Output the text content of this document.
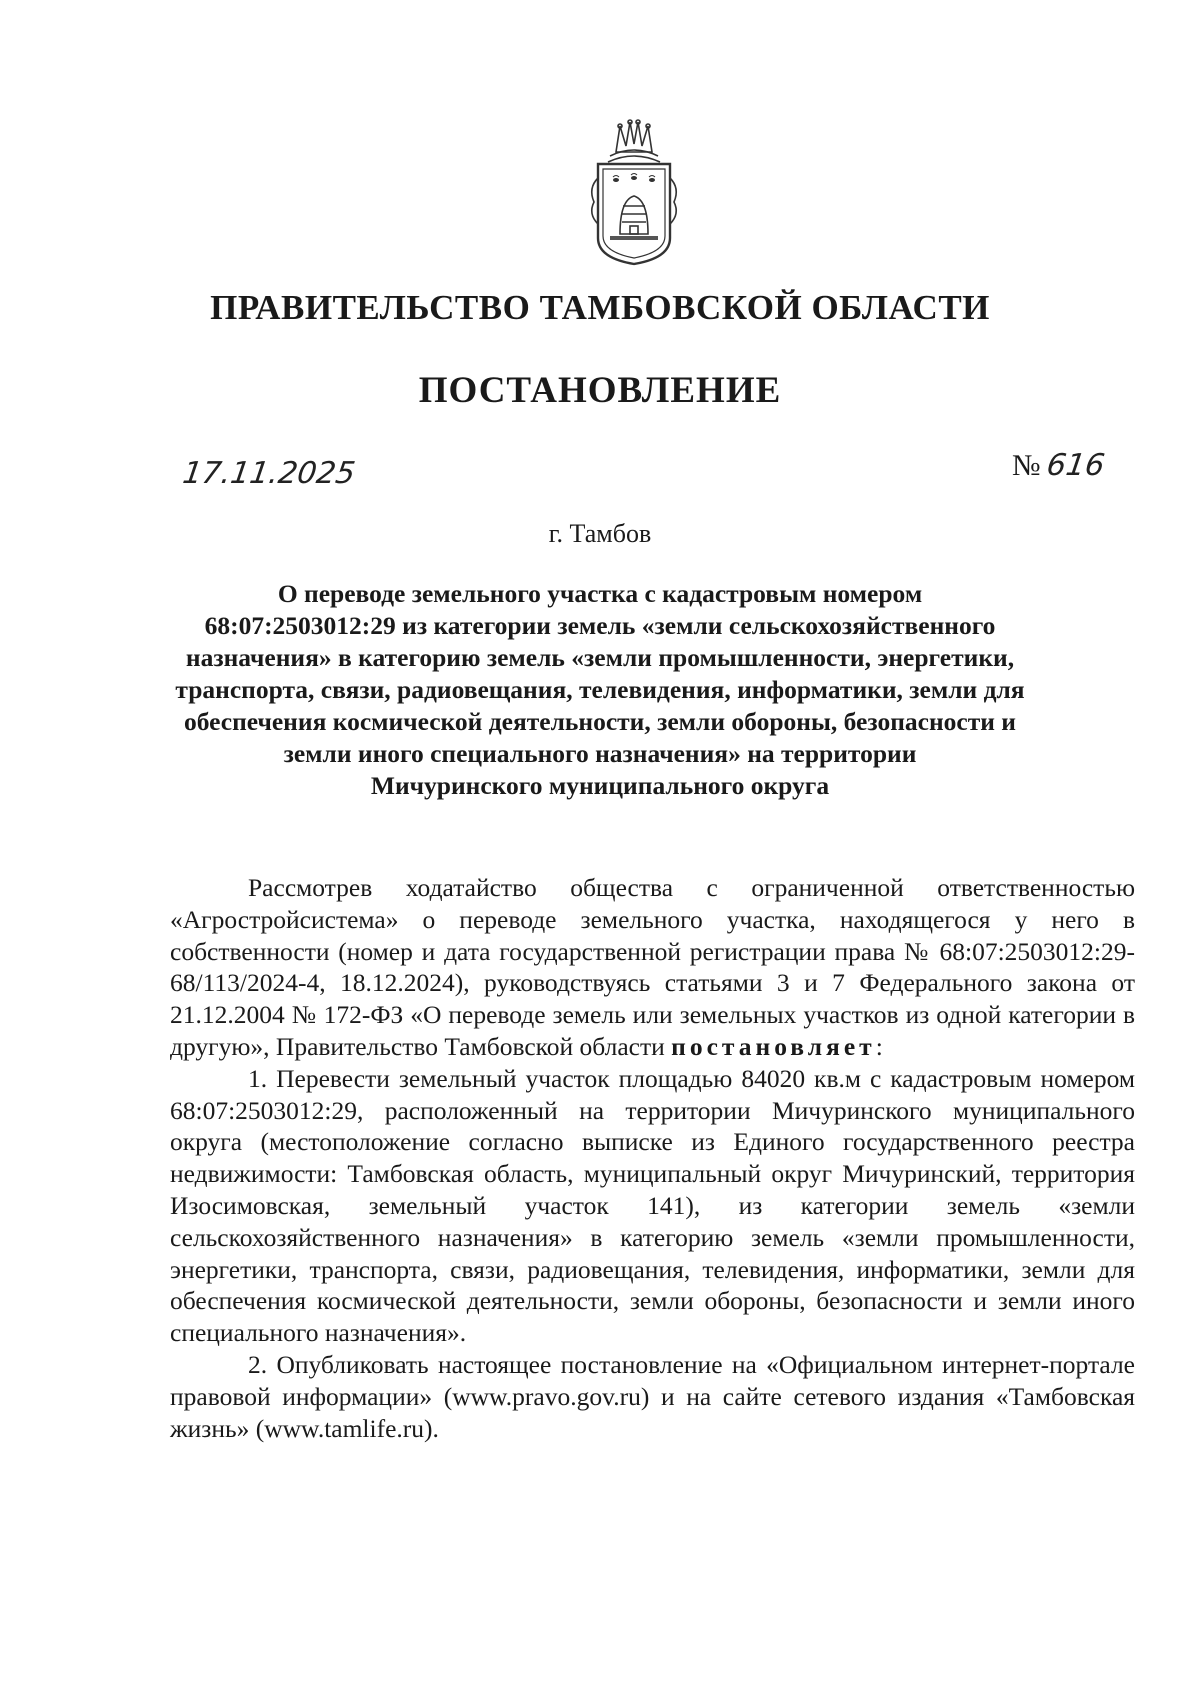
ПРАВИТЕЛЬСТВО ТАМБОВСКОЙ ОБЛАСТИ
ПОСТАНОВЛЕНИЕ
17.11.2025	№ 616
г. Тамбов
О переводе земельного участка с кадастровым номером
68:07:2503012:29 из категории земель «земли сельскохозяйственного
назначения» в категорию земель «земли промышленности, энергетики,
транспорта, связи, радиовещания, телевидения, информатики, земли для
обеспечения космической деятельности, земли обороны, безопасности и
земли иного специального назначения» на территории
Мичуринского муниципального округа

Рассмотрев ходатайство общества с ограниченной ответственностью «Агростройсистема» о переводе земельного участка, находящегося у него в собственности (номер и дата государственной регистрации права № 68:07:2503012:29-68/113/2024-4, 18.12.2024), руководствуясь статьями 3 и 7 Федерального закона от 21.12.2004 № 172-ФЗ «О переводе земель или земельных участков из одной категории в другую», Правительство Тамбовской области постановляет:

1. Перевести земельный участок площадью 84020 кв.м с кадастровым номером 68:07:2503012:29, расположенный на территории Мичуринского муниципального округа (местоположение согласно выписке из Единого государственного реестра недвижимости: Тамбовская область, муниципальный округ Мичуринский, территория Изосимовская, земельный участок 141), из категории земель «земли сельскохозяйственного назначения» в категорию земель «земли промышленности, энергетики, транспорта, связи, радиовещания, телевидения, информатики, земли для обеспечения космической деятельности, земли обороны, безопасности и земли иного специального назначения».

2. Опубликовать настоящее постановление на «Официальном интернет-портале правовой информации» (www.pravo.gov.ru) и на сайте сетевого издания «Тамбовская жизнь» (www.tamlife.ru).
